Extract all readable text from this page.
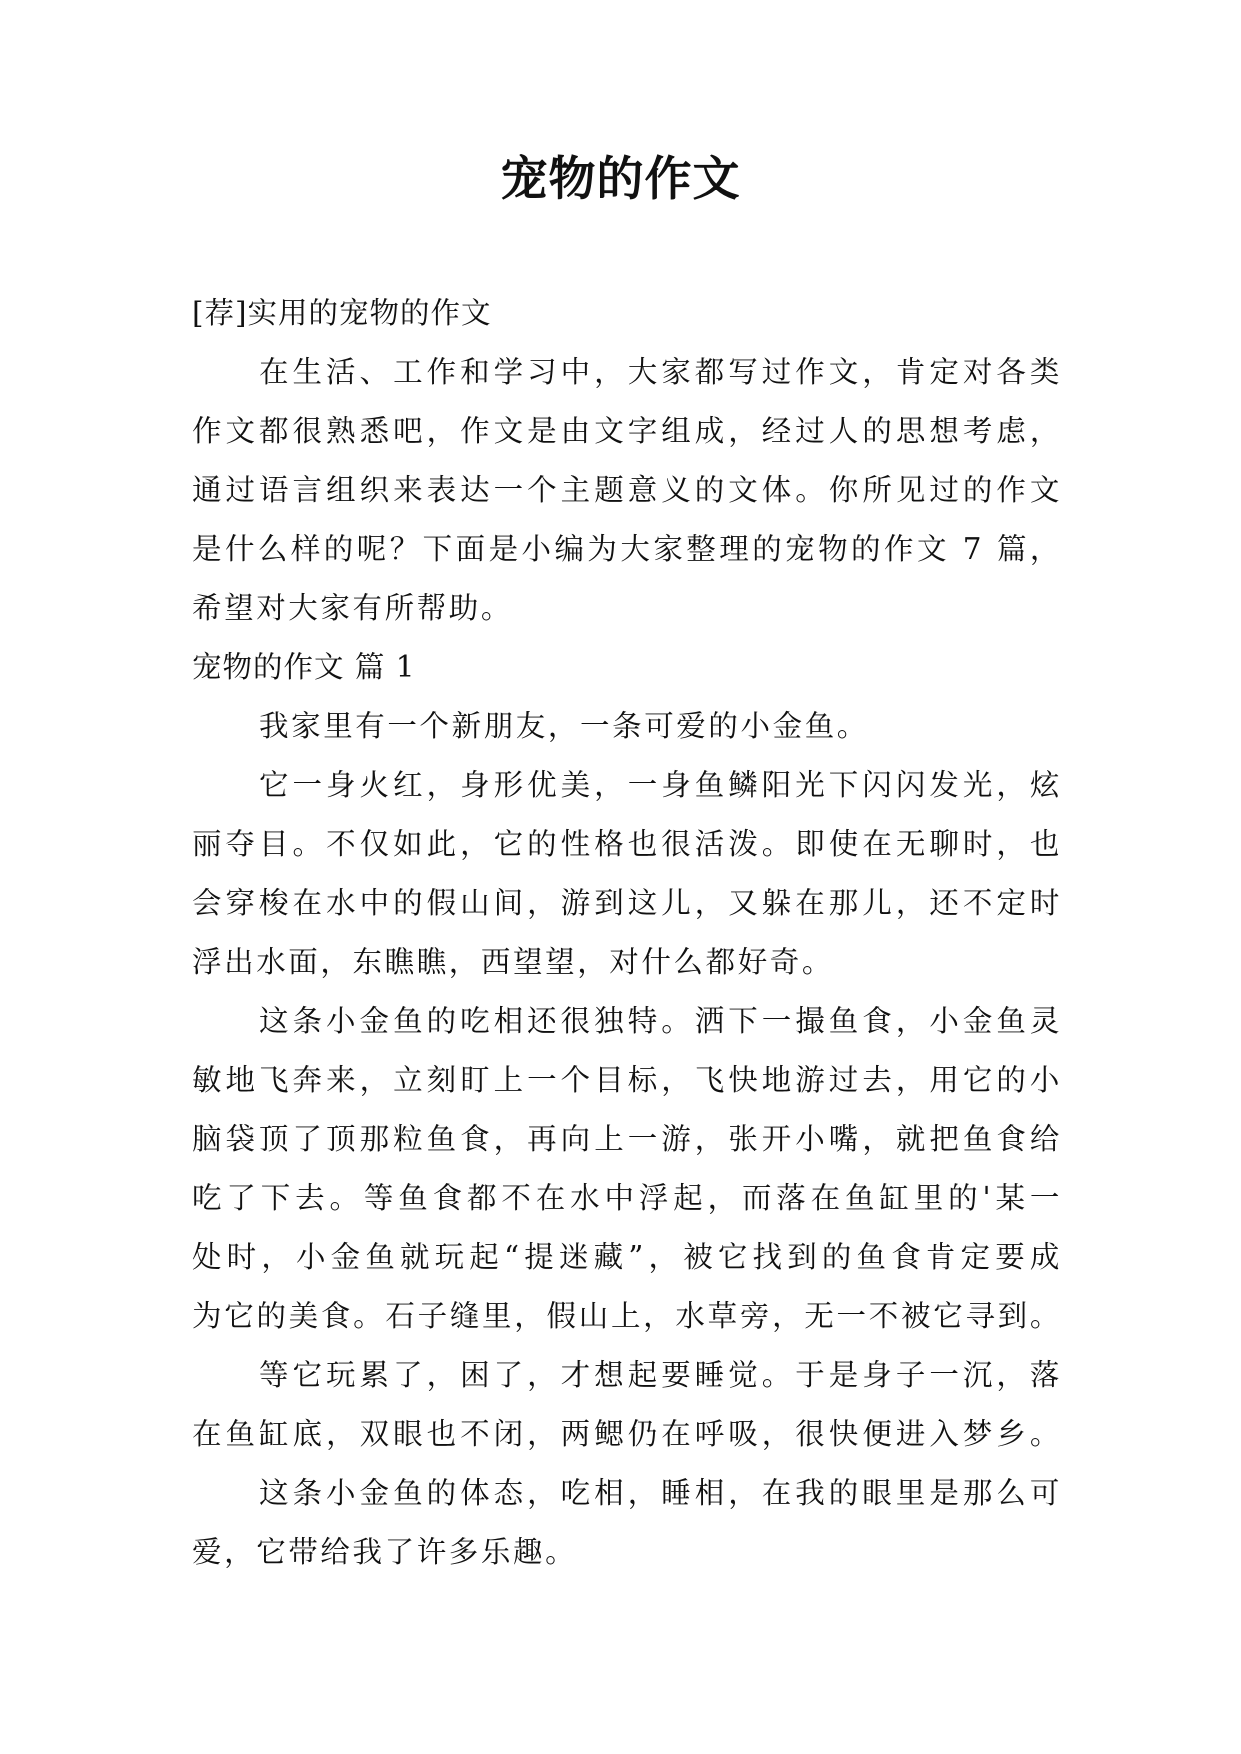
宠物的作文

[荐]实用的宠物的作文

在生活、工作和学习中，大家都写过作文，肯定对各类

作文都很熟悉吧，作文是由文字组成，经过人的思想考虑，

通过语言组织来表达一个主题意义的文体。你所见过的作文

是什么样的呢？下面是小编为大家整理的宠物的作文 7 篇，

希望对大家有所帮助。

宠物的作文 篇 1

我家里有一个新朋友，一条可爱的小金鱼。

它一身火红，身形优美，一身鱼鳞阳光下闪闪发光，炫

丽夺目。不仅如此，它的性格也很活泼。即使在无聊时，也

会穿梭在水中的假山间，游到这儿，又躲在那儿，还不定时

浮出水面，东瞧瞧，西望望，对什么都好奇。

这条小金鱼的吃相还很独特。洒下一撮鱼食，小金鱼灵

敏地飞奔来，立刻盯上一个目标，飞快地游过去，用它的小

脑袋顶了顶那粒鱼食，再向上一游，张开小嘴，就把鱼食给

吃了下去。等鱼食都不在水中浮起，而落在鱼缸里的'某一

处时，小金鱼就玩起“提迷藏”，被它找到的鱼食肯定要成

为它的美食。石子缝里，假山上，水草旁，无一不被它寻到。

等它玩累了，困了，才想起要睡觉。于是身子一沉，落

在鱼缸底，双眼也不闭，两鳃仍在呼吸，很快便进入梦乡。

这条小金鱼的体态，吃相，睡相，在我的眼里是那么可

爱，它带给我了许多乐趣。
